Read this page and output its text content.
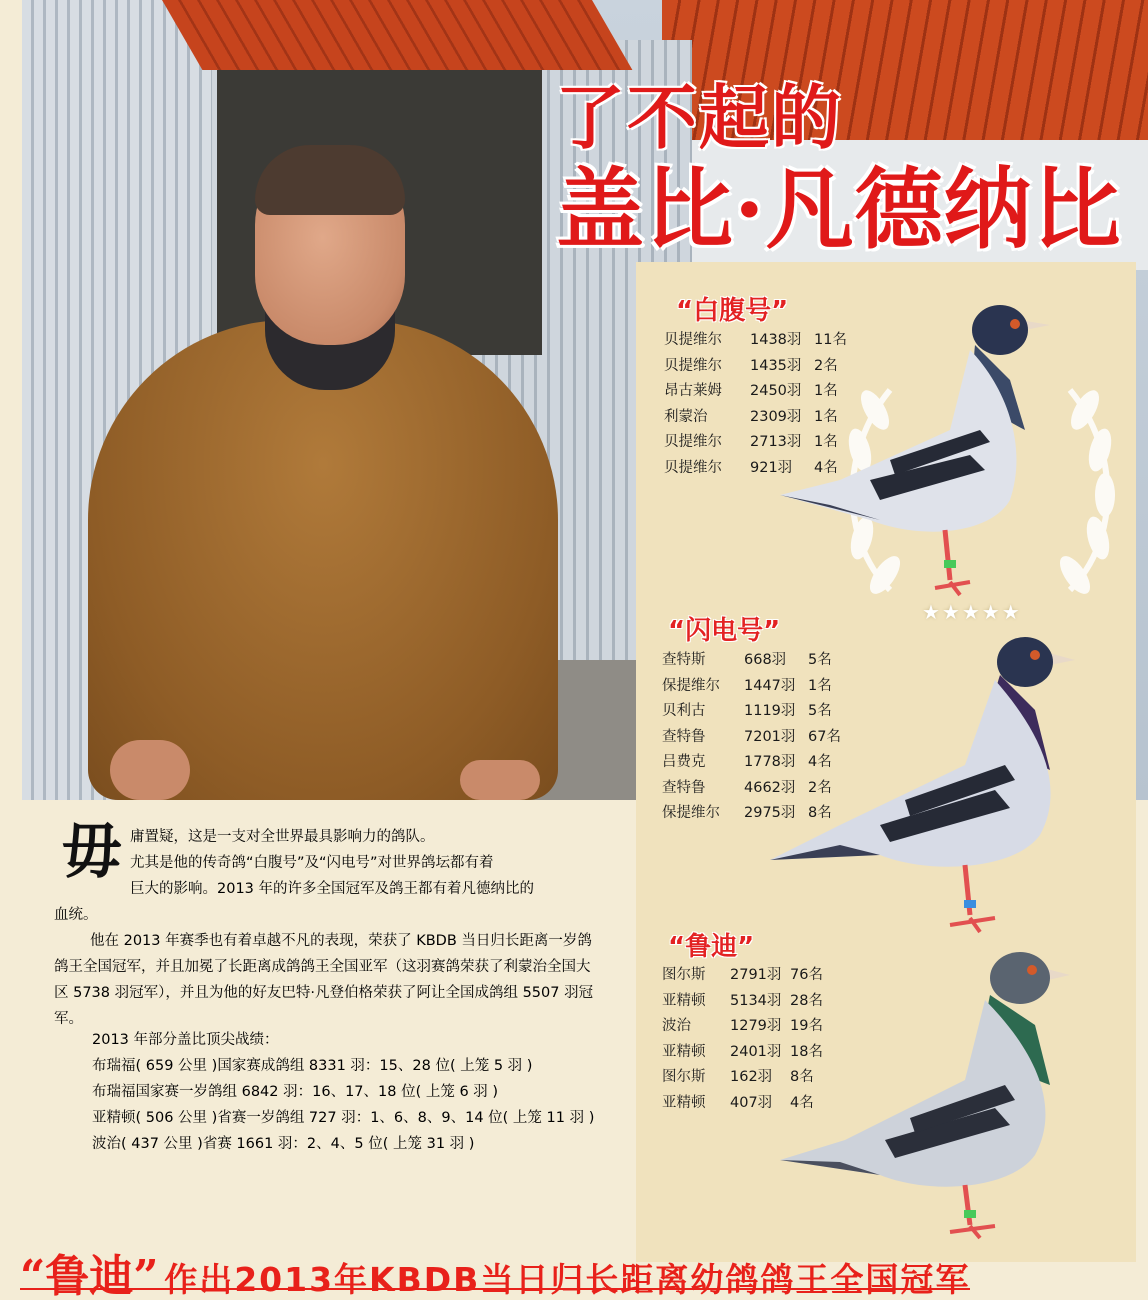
了不起的
盖比·凡德纳比
★★★★★
“白腹号”
贝提维尔	1438羽 11名
贝提维尔	1435羽 2名
昂古莱姆	2450羽 1名
利蒙治	2309羽 1名
贝提维尔	2713羽 1名
贝提维尔	921羽	4名
“闪电号”
查特斯	668羽	5名
保提维尔	1447羽 1名
贝利古	1119羽 5名
查特鲁	7201羽 67名
吕费克	1778羽 4名
查特鲁	4662羽 2名
保提维尔	2975羽 8名
“鲁迪”
图尔斯	2791羽 76名
亚精顿	5134羽 28名
波治	1279羽 19名
亚精顿	2401羽 18名
图尔斯	162羽	8名
亚精顿	407羽	4名
毋 庸置疑，这是一支对全世界最具影响力的鸽队。
尤其是他的传奇鸽“白腹号”及“闪电号”对世界鸽坛都有着
巨大的影响。2013 年的许多全国冠军及鸽王都有着凡德纳比的
血统。
他在 2013 年赛季也有着卓越不凡的表现，荣获了 KBDB 当日归长距离一岁鸽鸽王全国冠军，并且加冕了长距离成鸽鸽王全国亚军（这羽赛鸽荣获了利蒙治全国大区 5738 羽冠军），并且为他的好友巴特·凡登伯格荣获了阿让全国成鸽组 5507 羽冠军。
2013 年部分盖比顶尖战绩：
布瑞福( 659 公里 )国家赛成鸽组 8331 羽：15、28 位( 上笼 5 羽 )
布瑞福国家赛一岁鸽组 6842 羽：16、17、18 位( 上笼 6 羽 )
亚精顿( 506 公里 )省赛一岁鸽组 727 羽：1、6、8、9、14 位( 上笼 11 羽 )
波治( 437 公里 )省赛 1661 羽：2、4、5 位( 上笼 31 羽 )
“鲁迪” 作出2013年KBDB当日归长距离幼鸽鸽王全国冠军
